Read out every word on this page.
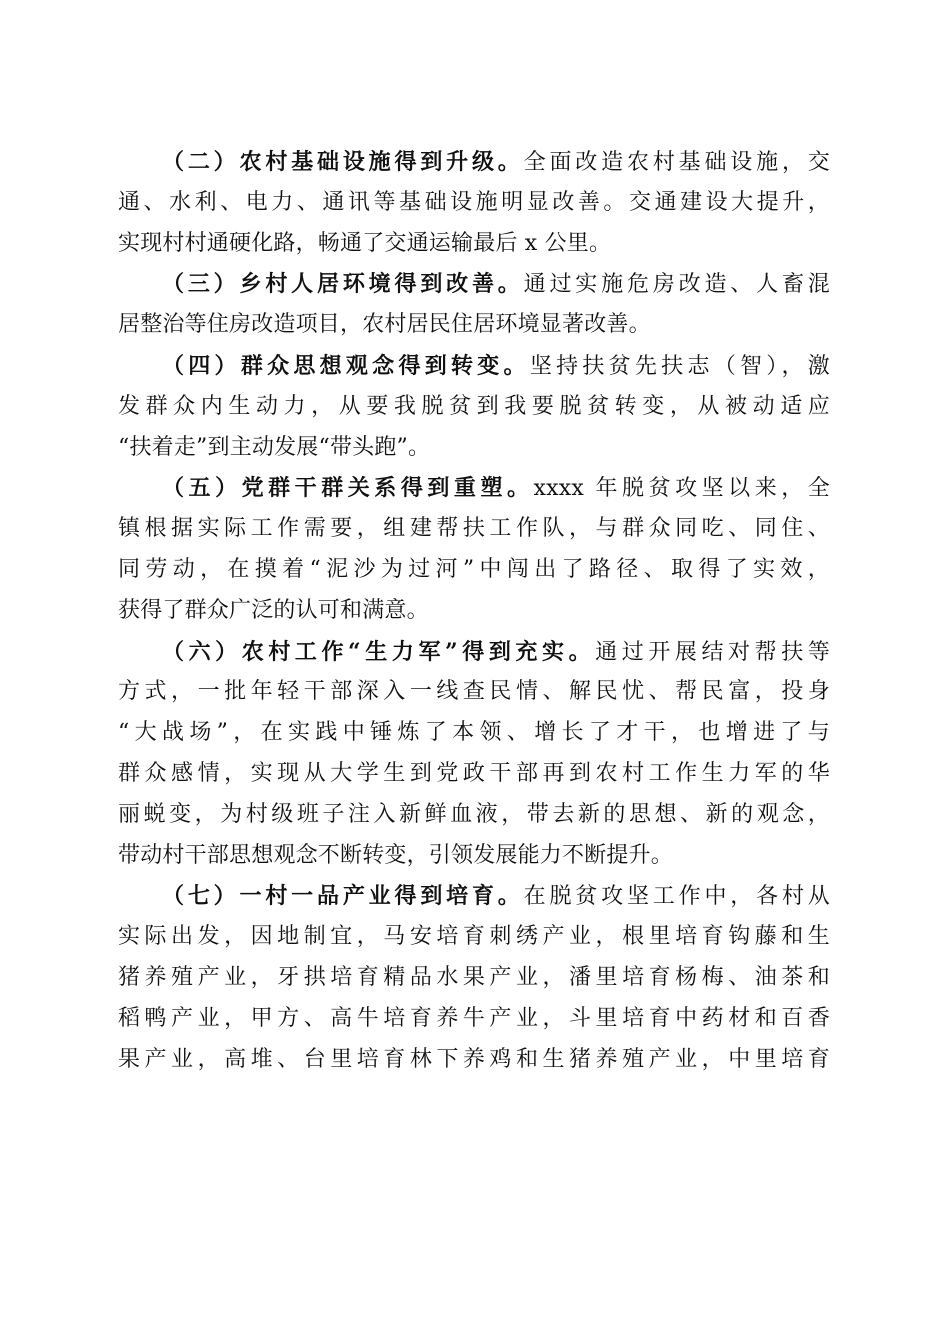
（二）农村基础设施得到升级。全面改造农村基础设施，交
通、水利、电力、通讯等基础设施明显改善。交通建设大提升，
实现村村通硬化路，畅通了交通运输最后 x 公里。
（三）乡村人居环境得到改善。通过实施危房改造、人畜混
居整治等住房改造项目，农村居民住居环境显著改善。
（四）群众思想观念得到转变。坚持扶贫先扶志（智），激
发群众内生动力，从要我脱贫到我要脱贫转变，从被动适应
“扶着走”到主动发展“带头跑”。
（五）党群干群关系得到重塑。xxxx 年脱贫攻坚以来，全
镇根据实际工作需要，组建帮扶工作队，与群众同吃、同住、
同劳动，在摸着“泥沙为过河”中闯出了路径、取得了实效，
获得了群众广泛的认可和满意。
（六）农村工作“生力军”得到充实。通过开展结对帮扶等
方式，一批年轻干部深入一线查民情、解民忧、帮民富，投身
“大战场”，在实践中锤炼了本领、增长了才干，也增进了与
群众感情，实现从大学生到党政干部再到农村工作生力军的华
丽蜕变，为村级班子注入新鲜血液，带去新的思想、新的观念，
带动村干部思想观念不断转变，引领发展能力不断提升。
（七）一村一品产业得到培育。在脱贫攻坚工作中，各村从
实际出发，因地制宜，马安培育刺绣产业，根里培育钩藤和生
猪养殖产业，牙拱培育精品水果产业，潘里培育杨梅、油茶和
稻鸭产业，甲方、高牛培育养牛产业，斗里培育中药材和百香
果产业，高堆、台里培育林下养鸡和生猪养殖产业，中里培育
